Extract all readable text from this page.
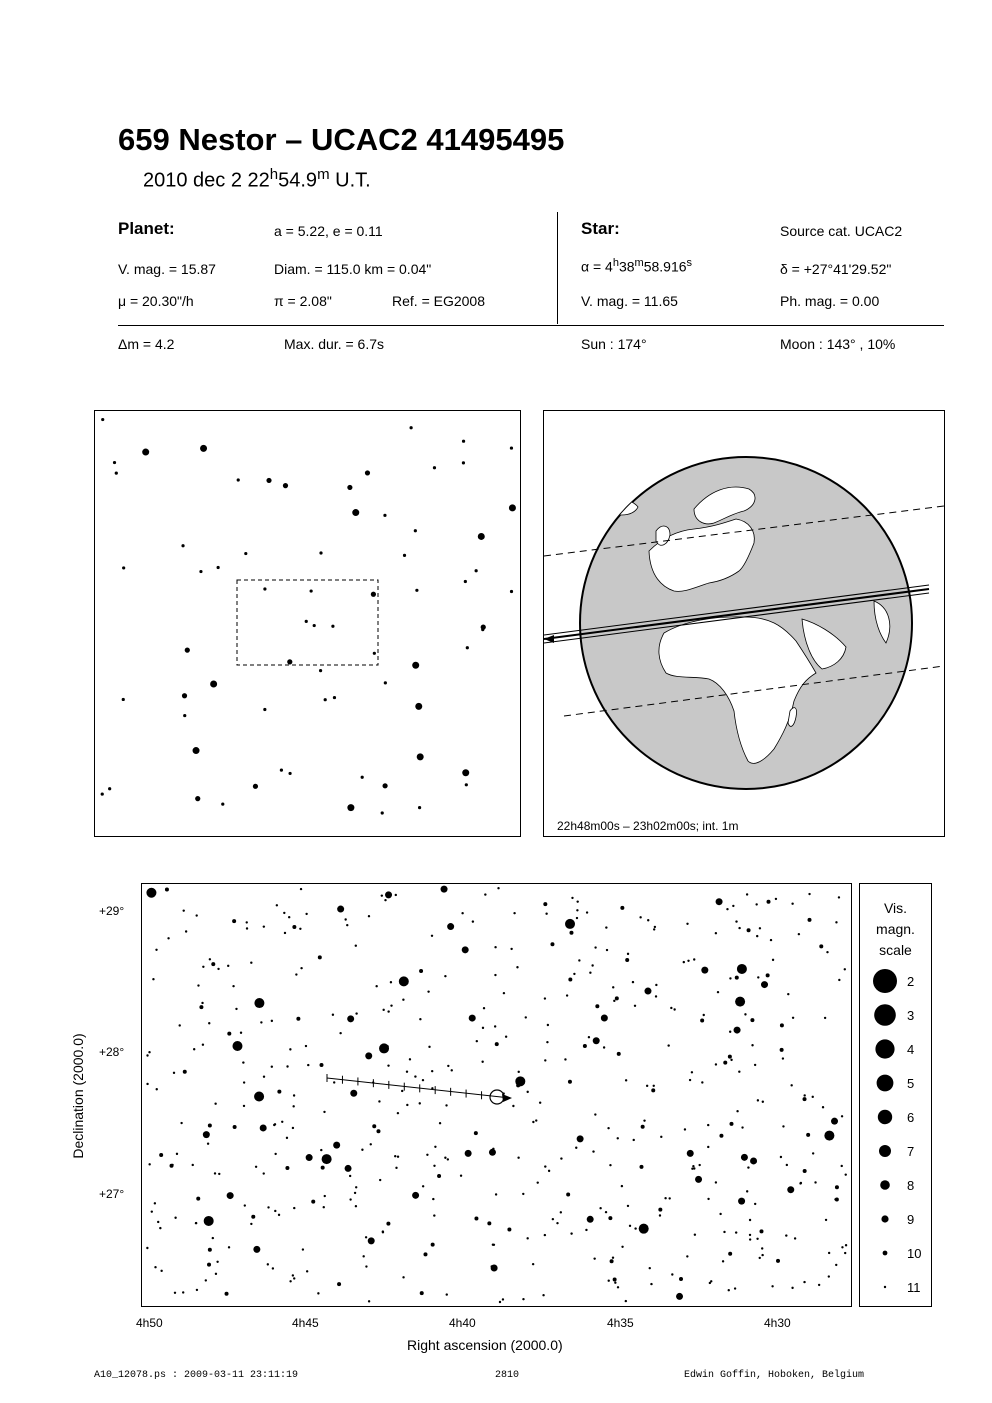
659 Nestor – UCAC2 41495495
2010 dec 2 22$^h$54.9$^m$ U.T.
Planet:	a = 5.22, e = 0.11
V. mag. = 15.87	Diam. = 115.0 km = 0.04"
μ = 20.30"/h	π = 2.08"	Ref. = EG2008
Star:	Source cat. UCAC2
$\alpha = 4^h38^m58.916^s$	δ = +27°41'29.52"
V. mag. = 11.65	Ph. mag. = 0.00
Δm = 4.2	Max. dur. = 6.7s	Sun : 174°	Moon : 143° , 10%
22h48m00s – 23h02m00s; int. 1m
+29°
+28°
+27°
4h50	4h45	4h40	4h35	4h30
Right ascension (2000.0)
Declination (2000.0)
Vis.
magn.
scale
2
3
4
5
6
7
8
9
10
11
A10_12078.ps : 2009-03-11 23:11:19	2810	Edwin Goffin, Hoboken, Belgium
